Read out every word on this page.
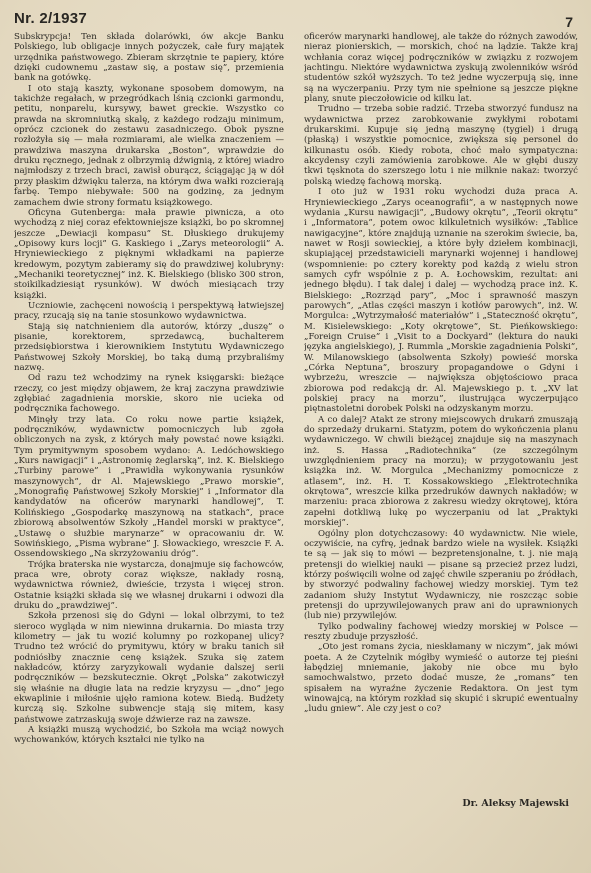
Nr. 2/1937	7

Subskrypcja! Ten składa dolarówki, ów akcje Banku Polskiego, lub obligacje innych pożyczek, całe fury majątek urzędnika państwowego. Zbieram skrzętnie te papiery, które dzięki cudownemu „zastaw się, a postaw się”, przemienia bank na gotówkę.

I oto stają kaszty, wykonane sposobem domowym, na takichże regałach, w przegródkach lśnią czcionki garmondu, petitu, nonparelu, kursywy, bawet greckie. Wszystko co prawda na skromniutką skalę, z każdego rodzaju minimum, oprócz czcionek do zestawu zasadniczego. Obok pyszne rozłożyła się — mała rozmiarami, ale wielka znaczeniem — prawdziwa maszyna drukarska „Boston”, wprawdzie do druku ręcznego, jednak z olbrzymią dźwignią, z której wiadro najmłodszy z trzech braci, zawisł oburącz, ściągając ją w dół przy płaskim dźwięku talerza, na którym dwa wałki rozcierają farbę. Tempo niebywałe: 500 na godzinę, za jednym zamachem dwie strony formatu książkowego.

Oficyna Gutenberga: mała prawie piwnicza, a oto wychodzą z niej coraz efektowniejsze książki, bo po skromnej jeszcze „Dewiacji kompasu” St. Dłuskiego drukujemy „Opisowy kurs locji” G. Kaskiego i „Zarys meteorologii” A. Hryniewieckiego z pięknymi wkładkami na papierze kredowym, pozytym zabieramy się do prawdziwej kolubryny: „Mechaniki teoretycznej” inż. K. Bielskiego (blisko 300 stron, stoikilkadziesiąt rysunków). W dwóch miesiącach trzy książki.

Uczniowie, zachęceni nowością i perspektywą łatwiejszej pracy, rzucają się na tanie stosunkowo wydawnictwa.

Stają się natchnieniem dla autorów, którzy „duszę” o pisanie, korektorem, sprzedawcą, buchalterem przedsiębiorstwa i kierownikiem Instytutu Wydawniczego Państwowej Szkoły Morskiej, bo taką dumą przybraliśmy nazwę.

Od razu też wchodzimy na rynek księgarski: bieżące rzeczy, co jest między objawem, że kraj zaczyna prawdziwie zgłębiać zagadnienia morskie, skoro nie ucieka od podręcznika fachowego.

Minęły trzy lata. Co roku nowe partie książek, podręczników, wydawnictw pomocniczych lub zgoła obliczonych na zysk, z których mały powstać nowe książki. Tym prymitywnym sposobem wydano: A. Ledóchowskiego „Kurs nawigacji” i „Astronomię żeglarską”, inż. K. Bielskiego „Turbiny parowe” i „Prawidła wykonywania rysunków maszynowych”, dr Al. Majewskiego „Prawo morskie”, „Monografię Państwowej Szkoły Morskiej” i „Informator dla kandydatów na oficerów marynarki handlowej”, T. Kolińskiego „Gospodarkę maszynową na statkach”, prace zbiorową absolwentów Szkoły „Handel morski w praktyce”, „Ustawę o służbie marynarze” w opracowaniu dr. W. Sowińskiego, „Pisma wybrane” J. Słowackiego, wreszcie F. A. Ossendowskiego „Na skrzyżowaniu dróg”.

Trójka braterska nie wystarcza, donajmuje się fachowców, praca wre, obroty coraz większe, nakłady rosną, wydawnictwa również, dwieście, trzysta i więcej stron. Ostatnie książki składa się we własnej drukarni i odwozi dla druku do „prawdziwej”.

Szkoła przenosi się do Gdyni — lokal olbrzymi, to też sieroco wygląda w nim niewinna drukarnia. Do miasta trzy kilometry — jak tu wozić kolumny po rozkopanej ulicy? Trudno też wrócić do prymitywu, który w braku tanich sił podniósłby znacznie cenę książek. Szuka się zatem nakładców, którzy zaryzykowali wydanie dalszej serii podręczników — bezskutecznie. Okręt „Polska” zakotwiczył się właśnie na długie lata na redzie kryzysu — „dno” jego ekwaplinie i miłośnie ujęło ramiona kotew. Biedą. Budżety kurczą się. Szkolne subwencje stają się mitem, kasy państwowe zatrzaskują swoje dźwierze raz na zawsze.

A książki muszą wychodzić, bo Szkoła ma wciąż nowych wychowanków, których kształci nie tylko na

oficerów marynarki handlowej, ale także do różnych zawodów, nieraz pionierskich, — morskich, choć na lądzie. Także kraj wchłania coraz więcej podręczników w związku z rozwojem jachtingu. Niektóre wydawnictwa zyskują zwolenników wśród studentów szkół wyższych. To też jedne wyczerpują się, inne są na wyczerpaniu. Przy tym nie spełnione są jeszcze piękne plany, snute pieczołowicie od kilku lat.

Trudno — trzeba sobie radzić. Trzeba stworzyć fundusz na wydawnictwa przez zarobkowanie zwykłymi robotami drukarskimi. Kupuje się jedną maszynę (tygiel) i drugą (płaską) i wszystkie pomocnice, zwiększa się personel do kilkunastu osób. Kiedy robota, choć mało sympatyczna: akcydensy czyli zamówienia zarobkowe. Ale w głębi duszy tkwi tęsknota do szerszego lotu i nie milknie nakaz: tworzyć polską wiedzę fachową morską.

I oto już w 1931 roku wychodzi duża praca A. Hryniewieckiego „Zarys oceanografii”, a w następnych nowe wydania „Kursu nawigacji”, „Budowy okrętu”, „Teorii okrętu” i „Informatora”, potem owoc kilkuletnich wysiłków: „Tablice nawigacyjne”, które znajdują uznanie na szerokim świecie, ba, nawet w Rosji sowieckiej, a które były dziełem kombinacji, skupiającej przedstawicieli marynarki wojennej i handlowej (wspomnienie: po cztery korekty pod każdą z wielu stron samych cyfr wspólnie z p. A. Łochowskim, rezultat: ani jednego błędu). I tak dalej i dalej — wychodzą prace inż. K. Bielskiego: „Rozrząd pary”, „Moc i sprawność maszyn parowych”, „Atlas części maszyn i kotłów parowych”, inż. W. Morgulca: „Wytrzymałość materiałów” i „Stateczność okrętu”, M. Kisielewskiego: „Koty okrętowe”, St. Pieńkowskiego: „Foreign Cruise” i „Visit to a Dockyard” (lektura do nauki języka angielskiego), J. Rummla „Morskie zagadnienia Polski”, W. Milanowskiego (absolwenta Szkoły) powieść morska „Córka Neptuna”, broszury propagandowe o Gdyni i wybrzeżu, wreszcie — największa objętościowo praca zbiorowa pod redakcją dr. Al. Majewskiego p. t. „XV lat polskiej pracy na morzu”, ilustrująca wyczerpująco piętnastoletni dorobek Polski na odzyskanym morzu.

A co dalej? Atakt ze strony miejscowych drukarń zmuszają do sprzedaży drukarni. Statyzm, potem do wykończenia planu wydawniczego. W chwili bieżącej znajduje się na maszynach inż. S. Hassa „Radiotechnika” (ze szczególnym uwzględnieniem pracy na morzu); w przygotowaniu jest książka inż. W. Morgulca „Mechanizmy pomocnicze z atlasem”, inż. H. T. Kossakowskiego „Elektrotechnika okrętowa”, wreszcie kilka przedruków dawnych nakładów; w marzeniu: praca zbiorowa z zakresu wiedzy okrętowej, która zapełni dotkliwą lukę po wyczerpaniu od lat „Praktyki morskiej”.

Ogólny plon dotychczasowy: 40 wydawnictw. Nie wiele, oczywiście, na cyfrę, jednak bardzo wiele na wysiłek. Książki te są — jak się to mówi — bezpretensjonalne, t. j. nie mają pretensji do wielkiej nauki — pisane są przecież przez ludzi, którzy poświęcili wolne od zajęć chwile szperaniu po źródłach, by stworzyć podwaliny fachowej wiedzy morskiej. Tym też zadaniom służy Instytut Wydawniczy, nie roszcząc sobie pretensji do uprzywilejowanych praw ani do uprawnionych (lub nie) przywilejów.

Tylko podwaliny fachowej wiedzy morskiej w Polsce — reszty zbuduje przyszłość.

„Oto jest romans życia, nieskłamany w niczym”, jak mówi poeta. A że Czytelnik mógłby wymieść o autorze tej pieśni łabędziej mniemanie, jakoby nie obce mu było samochwalstwo, przeto dodać musze, że „romans” ten spisałem na wyraźne życzenie Redaktora. On jest tym winowajcą, na którym rozkład się skupić i skrupić ewentualny „ludu gniew”. Ale czy jest o co?

Dr. Aleksy Majewski
